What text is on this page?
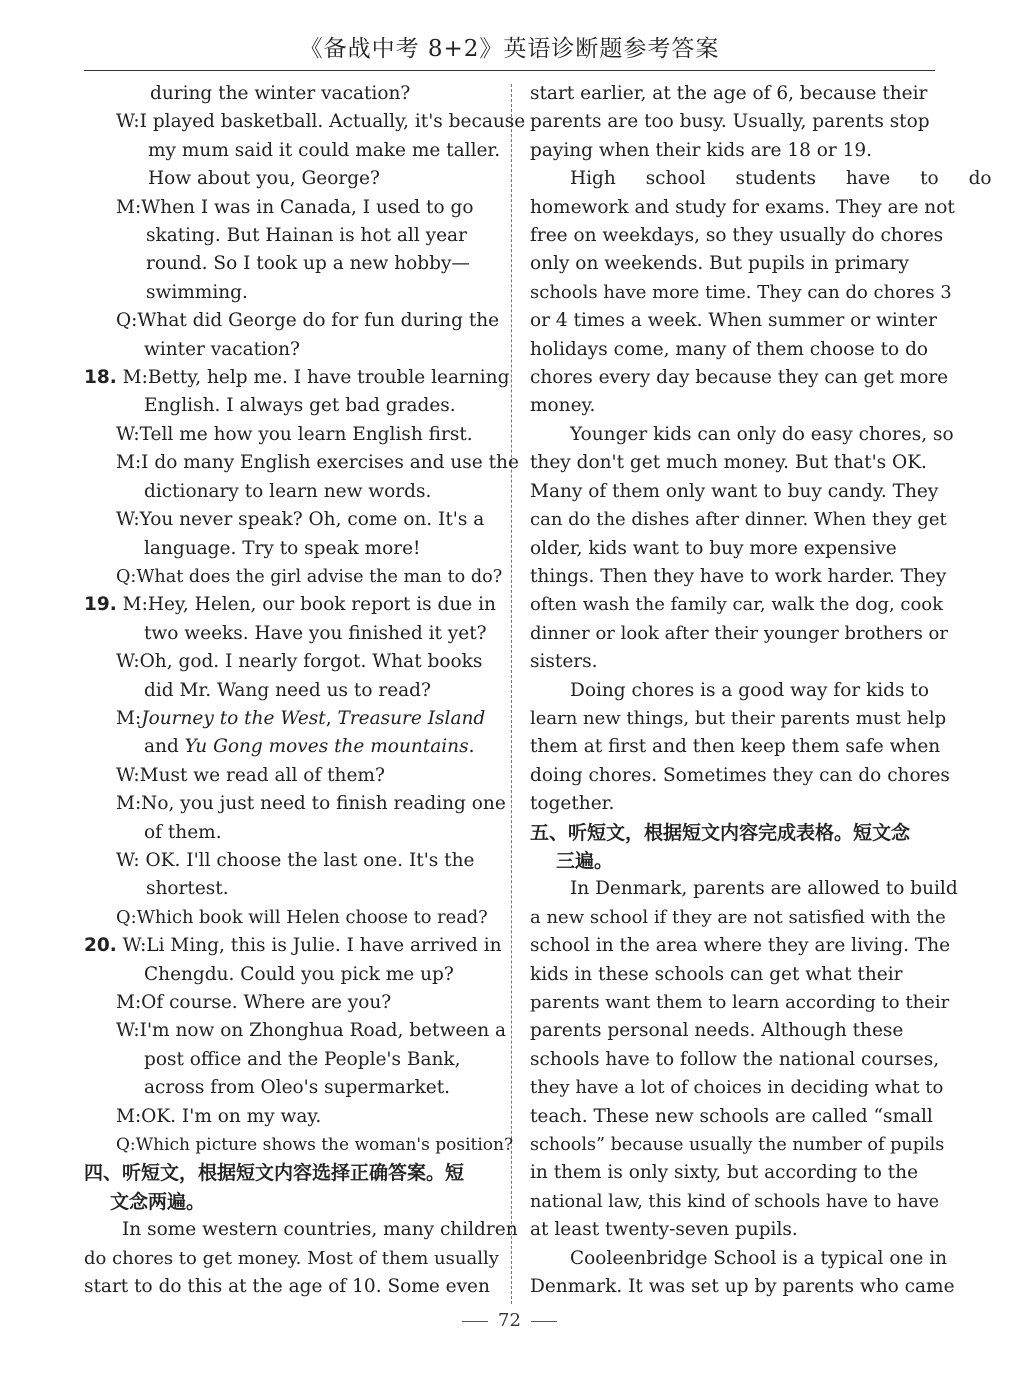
《备战中考 8+2》英语诊断题参考答案
during the winter vacation?
W:I played basketball. Actually, it's because
my mum said it could make me taller.
How about you, George?
M:When I was in Canada, I used to go
skating. But Hainan is hot all year
round. So I took up a new hobby—
swimming.
Q:What did George do for fun during the
winter vacation?
18. M:Betty, help me. I have trouble learning
English. I always get bad grades.
W:Tell me how you learn English first.
M:I do many English exercises and use the
dictionary to learn new words.
W:You never speak? Oh, come on. It's a
language. Try to speak more!
Q:What does the girl advise the man to do?
19. M:Hey, Helen, our book report is due in
two weeks. Have you finished it yet?
W:Oh, god. I nearly forgot. What books
did Mr. Wang need us to read?
M:Journey to the West, Treasure Island
and Yu Gong moves the mountains.
W:Must we read all of them?
M:No, you just need to finish reading one
of them.
W: OK. I'll choose the last one. It's the
shortest.
Q:Which book will Helen choose to read?
20. W:Li Ming, this is Julie. I have arrived in
Chengdu. Could you pick me up?
M:Of course. Where are you?
W:I'm now on Zhonghua Road, between a
post office and the People's Bank,
across from Oleo's supermarket.
M:OK. I'm on my way.
Q:Which picture shows the woman's position?
四、听短文，根据短文内容选择正确答案。短
文念两遍。
In some western countries, many children
do chores to get money. Most of them usually
start to do this at the age of 10. Some even
start earlier, at the age of 6, because their
parents are too busy. Usually, parents stop
paying when their kids are 18 or 19.
High school students have to do
homework and study for exams. They are not
free on weekdays, so they usually do chores
only on weekends. But pupils in primary
schools have more time. They can do chores 3
or 4 times a week. When summer or winter
holidays come, many of them choose to do
chores every day because they can get more
money.
Younger kids can only do easy chores, so
they don't get much money. But that's OK.
Many of them only want to buy candy. They
can do the dishes after dinner. When they get
older, kids want to buy more expensive
things. Then they have to work harder. They
often wash the family car, walk the dog, cook
dinner or look after their younger brothers or
sisters.
Doing chores is a good way for kids to
learn new things, but their parents must help
them at first and then keep them safe when
doing chores. Sometimes they can do chores
together.
五、听短文，根据短文内容完成表格。短文念
三遍。
In Denmark, parents are allowed to build
a new school if they are not satisfied with the
school in the area where they are living. The
kids in these schools can get what their
parents want them to learn according to their
parents personal needs. Although these
schools have to follow the national courses,
they have a lot of choices in deciding what to
teach. These new schools are called “small
schools” because usually the number of pupils
in them is only sixty, but according to the
national law, this kind of schools have to have
at least twenty-seven pupils.
Cooleenbridge School is a typical one in
Denmark. It was set up by parents who came
72
